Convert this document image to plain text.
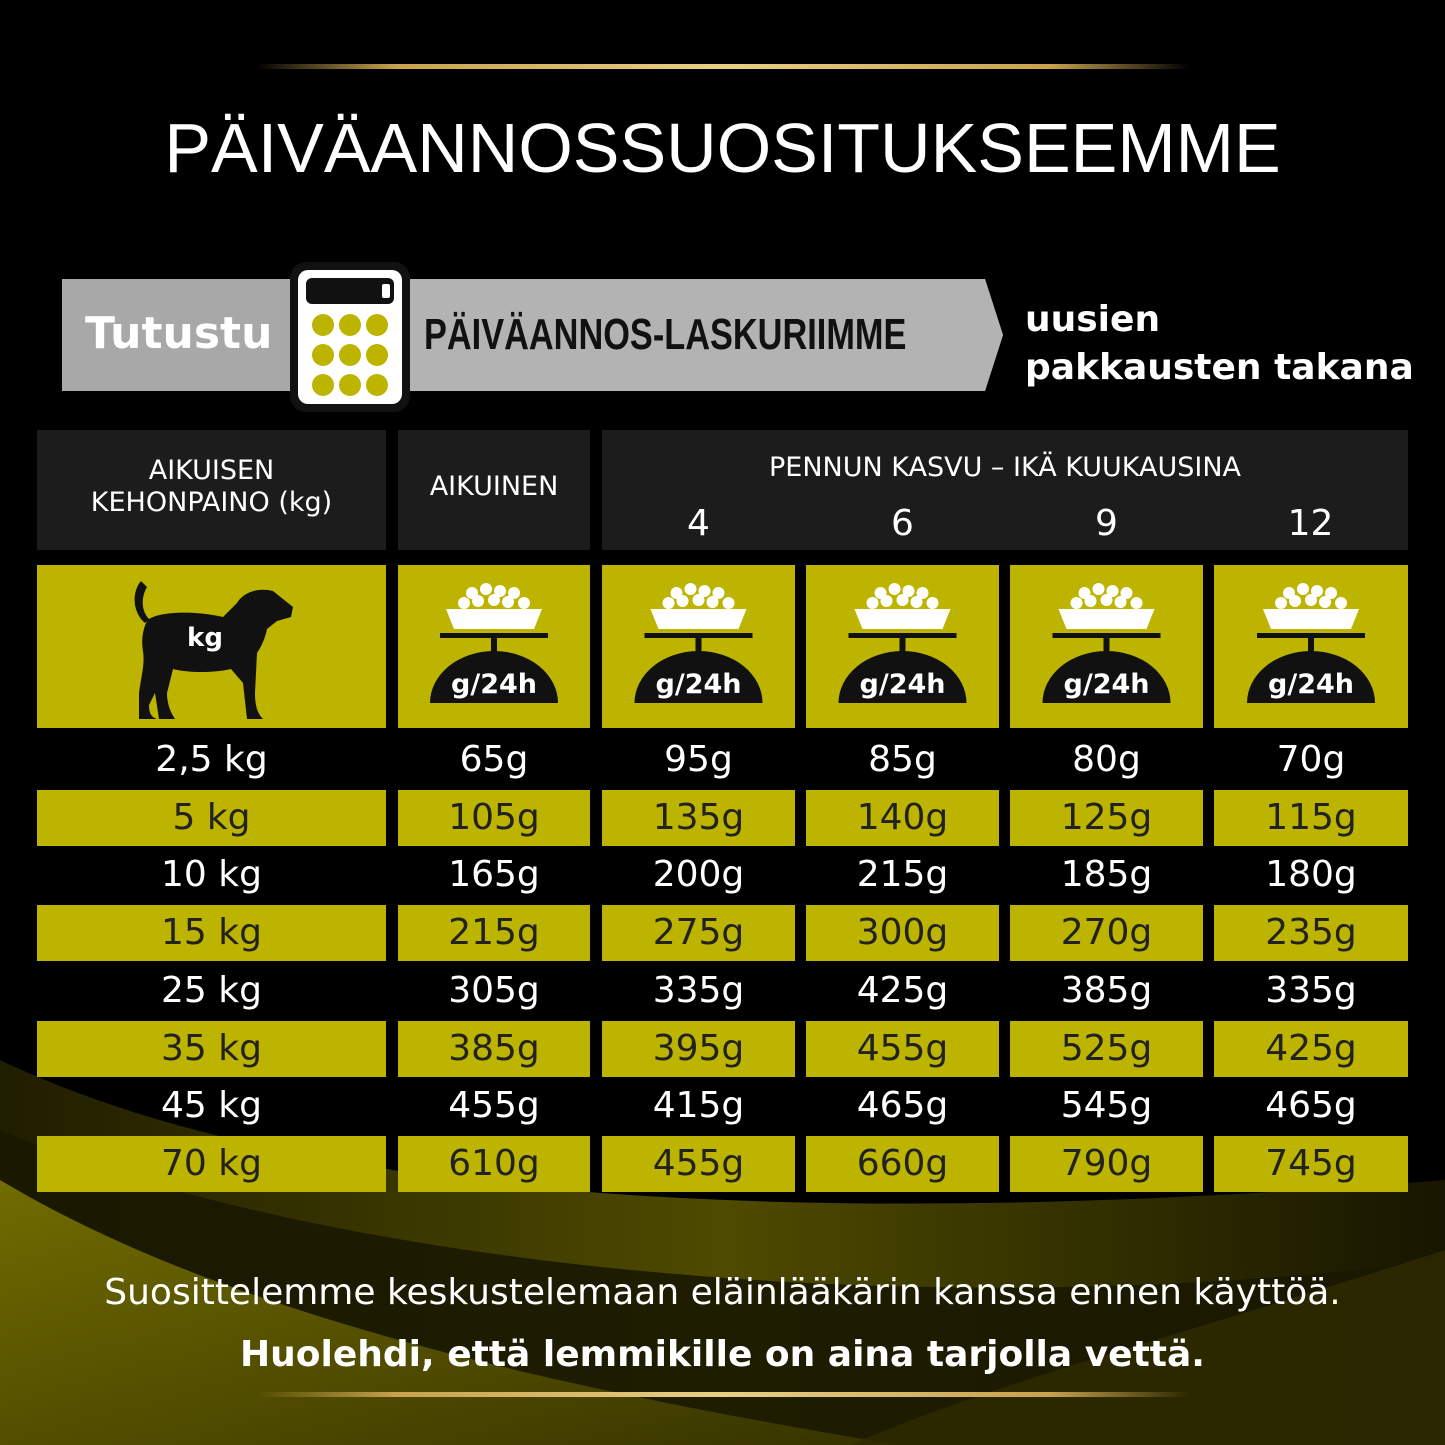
PÄIVÄANNOSSUOSITUKSEEMME
Tutustu	PÄIVÄANNOS-LASKURIIMME	uusien
pakkausten takana
AIKUISEN
KEHONPAINO (kg)
AIKUINEN
PENNUN KASVU – IKÄ KUUKAUSINA
4	6	9	12
kg
g/24h	g/24h	g/24h	g/24h	g/24h
2,5 kg	65g	95g	85g	80g	70g
5 kg	105g	135g	140g	125g	115g
10 kg	165g	200g	215g	185g	180g
15 kg	215g	275g	300g	270g	235g
25 kg	305g	335g	425g	385g	335g
35 kg	385g	395g	455g	525g	425g
45 kg	455g	415g	465g	545g	465g
70 kg	610g	455g	660g	790g	745g
Suosittelemme keskustelemaan eläinlääkärin kanssa ennen käyttöä.
Huolehdi, että lemmikille on aina tarjolla vettä.
